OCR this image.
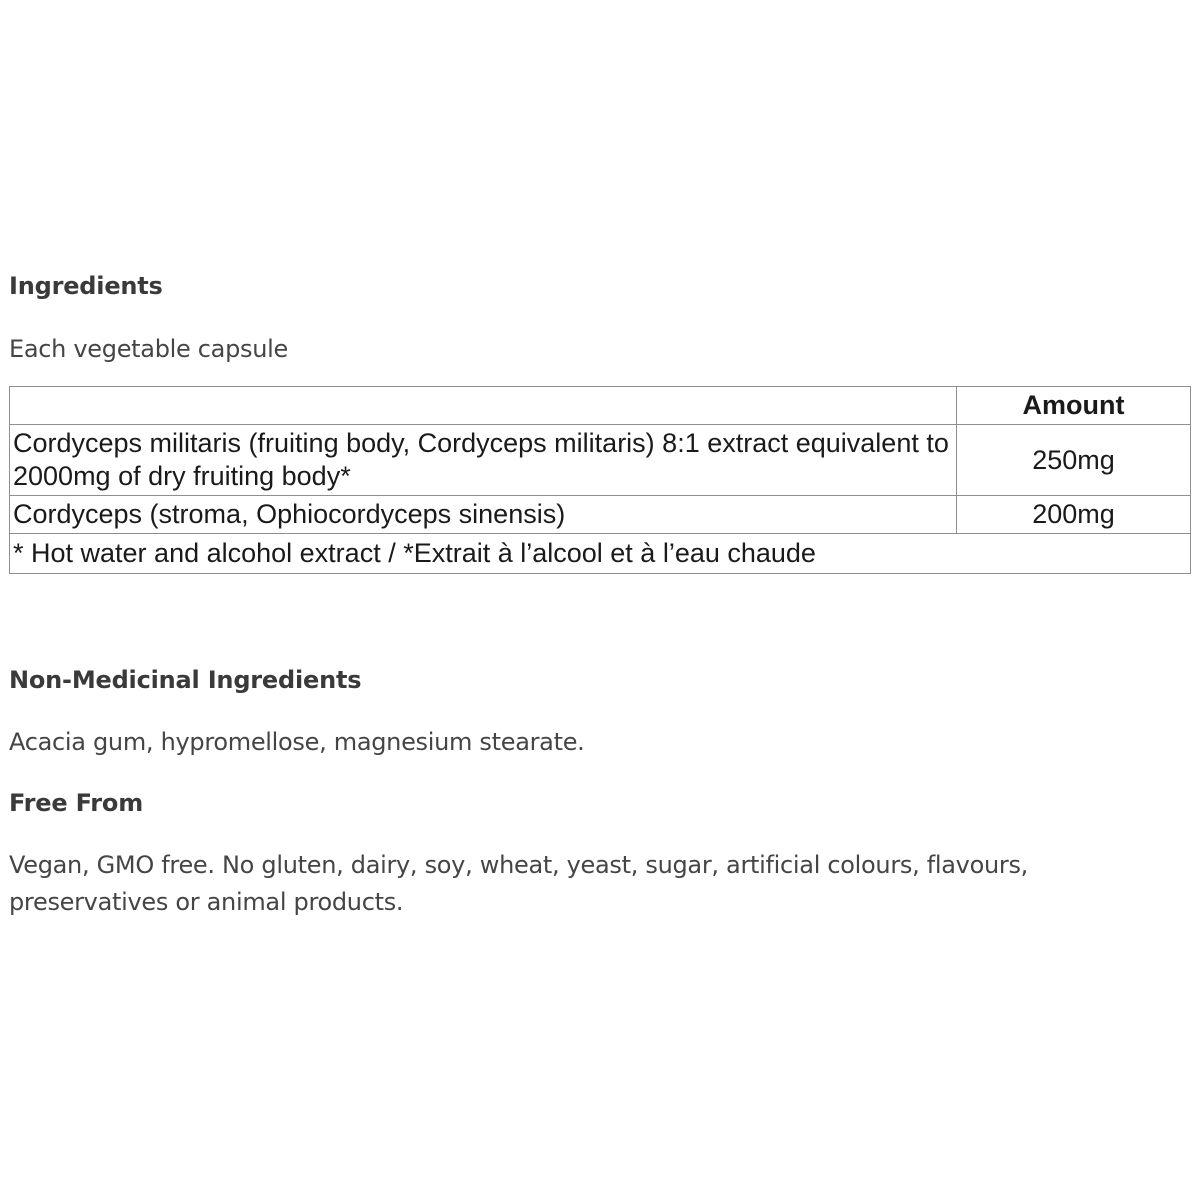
Ingredients

Each vegetable capsule

	Amount
Cordyceps militaris (fruiting body, Cordyceps militaris) 8:1 extract equivalent to 2000mg of dry fruiting body*	250mg
Cordyceps (stroma, Ophiocordyceps sinensis)	200mg
* Hot water and alcohol extract / *Extrait à l’alcool et à l’eau chaude	
Non-Medicinal Ingredients

Acacia gum, hypromellose, magnesium stearate.

Free From

Vegan, GMO free. No gluten, dairy, soy, wheat, yeast, sugar, artificial colours, flavours, preservatives or animal products.
